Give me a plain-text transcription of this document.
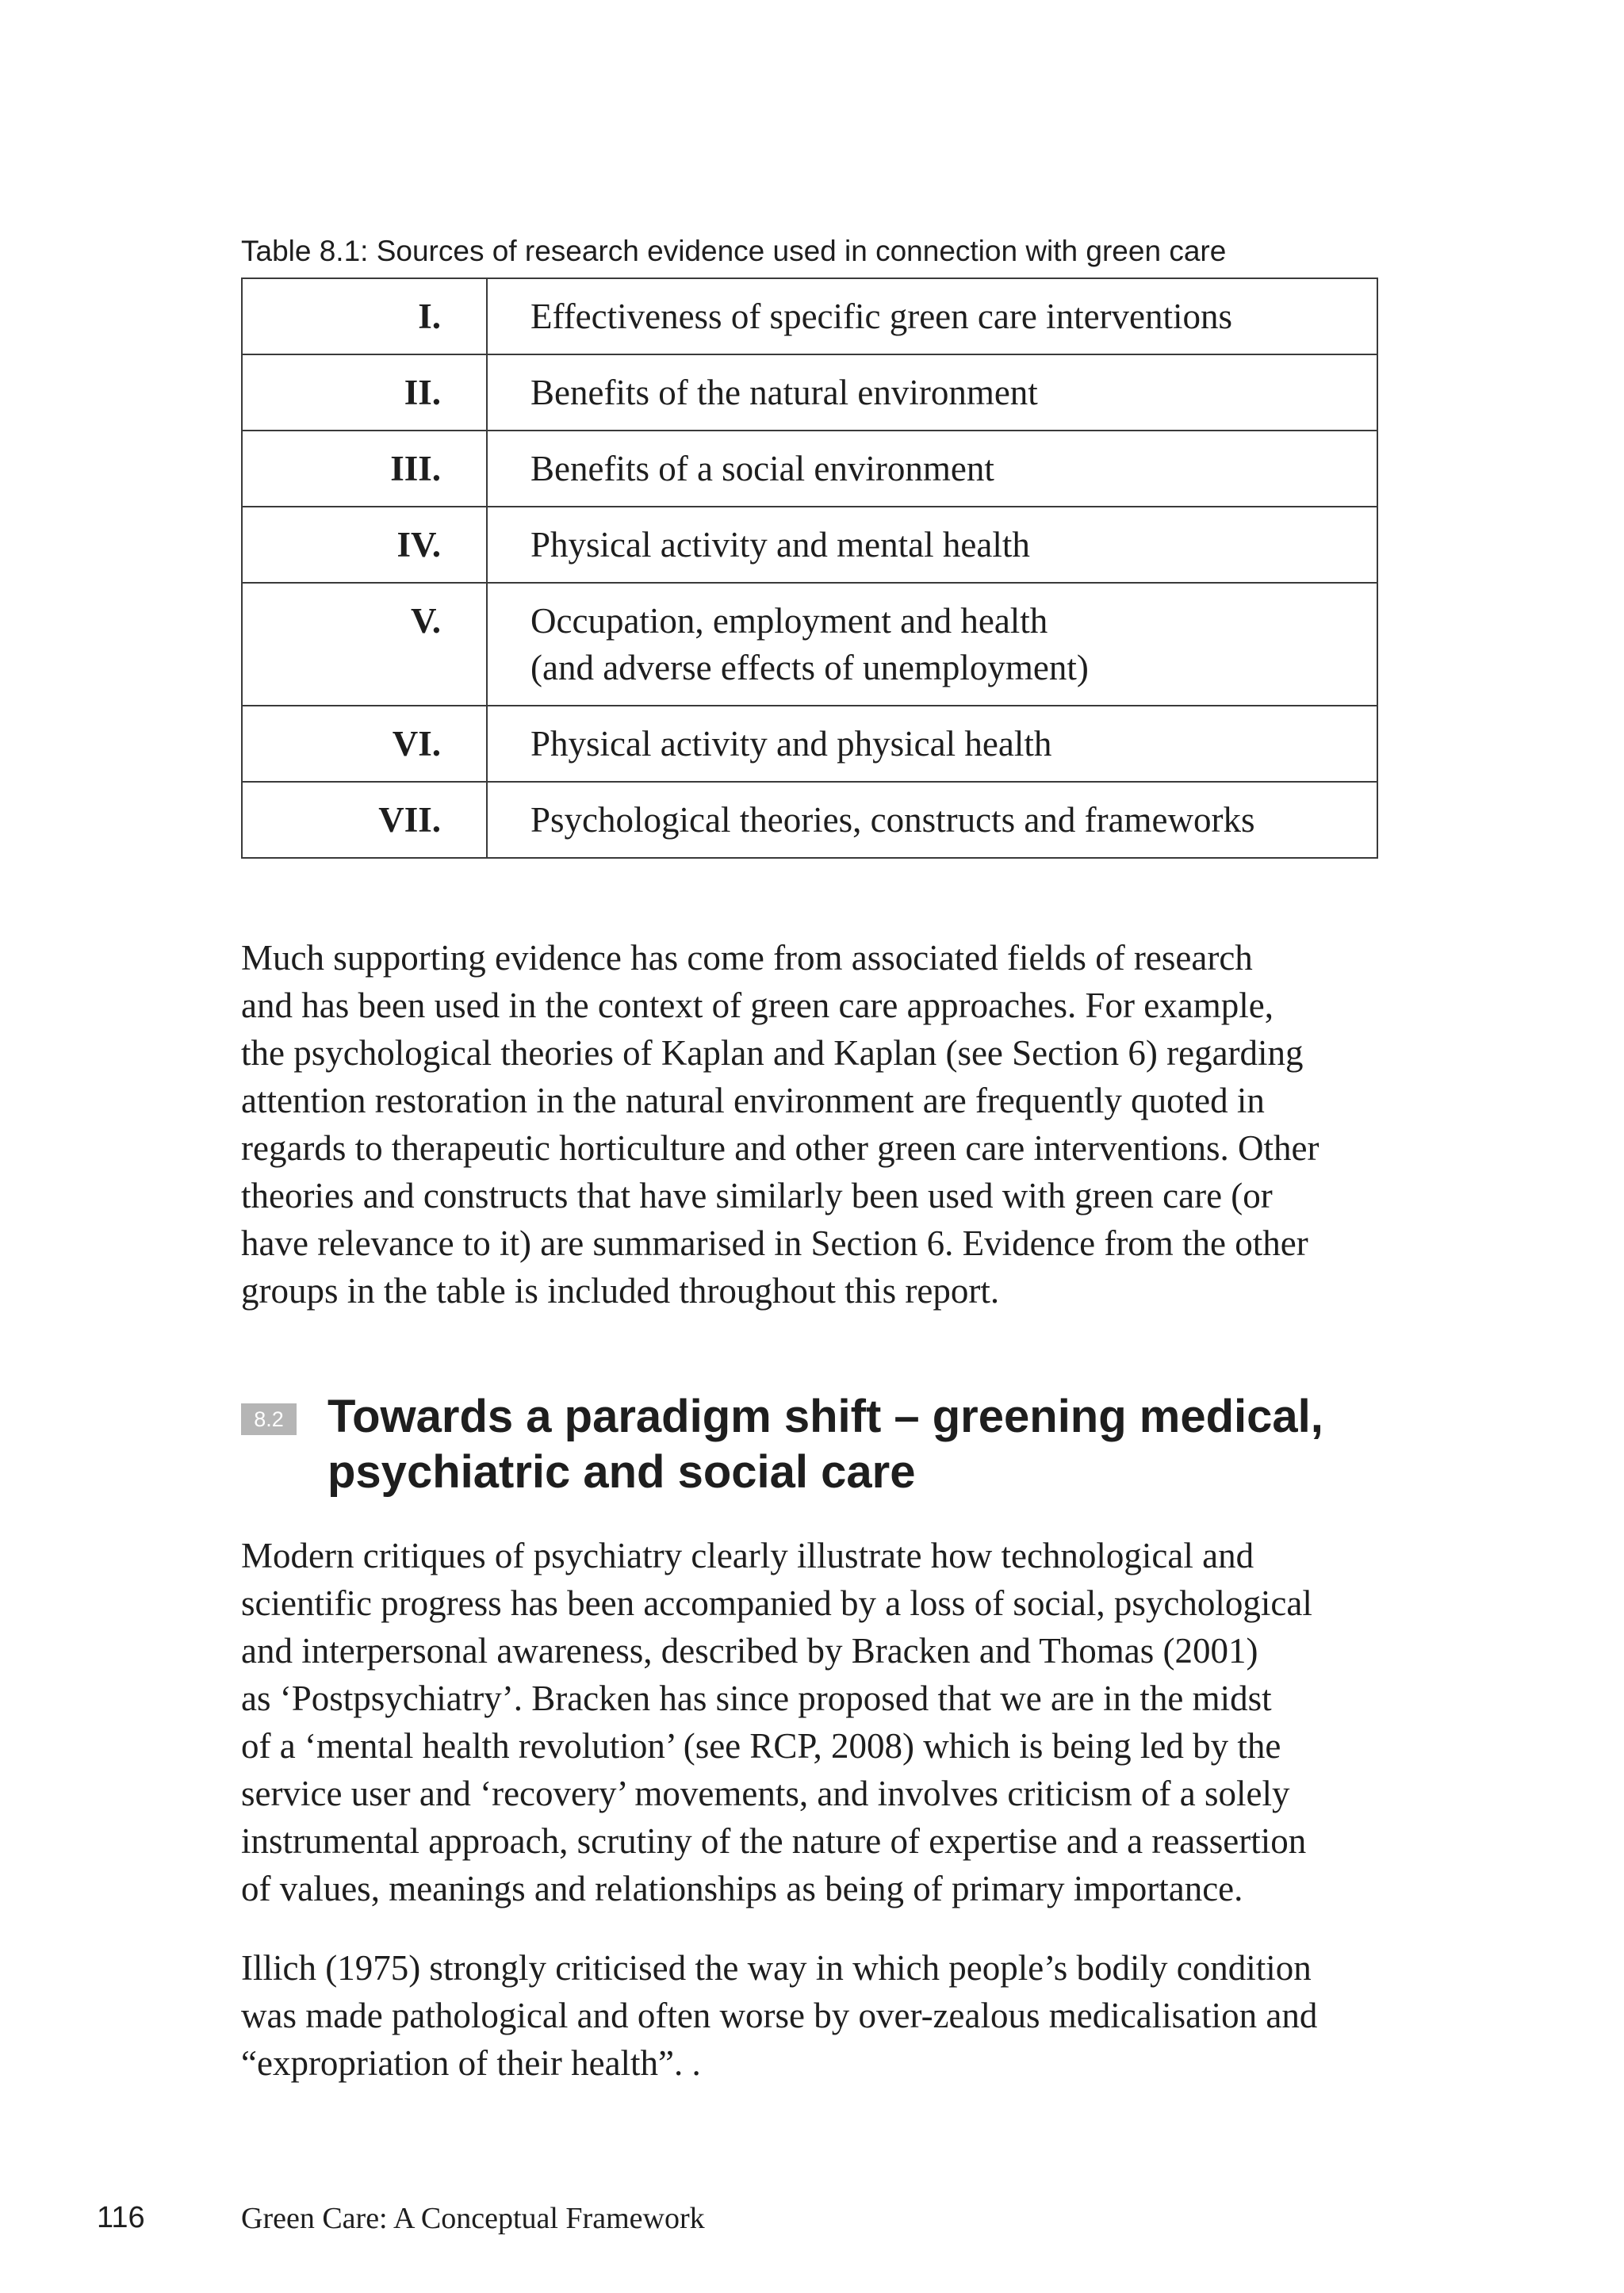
Table 8.1: Sources of research evidence used in connection with green care
I.	Effectiveness of specific green care interventions

II.	Benefits of the natural environment

III.	Benefits of a social environment

IV.	Physical activity and mental health

V.	Occupation, employment and health
(and adverse effects of unemployment)

VI.	Physical activity and physical health

VII.	Psychological theories, constructs and frameworks

Much supporting evidence has come from associated fields of research
and has been used in the context of green care approaches. For example,
the psychological theories of Kaplan and Kaplan (see Section 6) regarding
attention restoration in the natural environment are frequently quoted in
regards to therapeutic horticulture and other green care interventions. Other
theories and constructs that have similarly been used with green care (or
have relevance to it) are summarised in Section 6. Evidence from the other
groups in the table is included throughout this report.

8.2 Towards a paradigm shift – greening medical,
psychiatric and social care

Modern critiques of psychiatry clearly illustrate how technological and
scientific progress has been accompanied by a loss of social, psychological
and interpersonal awareness, described by Bracken and Thomas (2001)
as ‘Postpsychiatry’. Bracken has since proposed that we are in the midst
of a ‘mental health revolution’ (see RCP, 2008) which is being led by the
service user and ‘recovery’ movements, and involves criticism of a solely
instrumental approach, scrutiny of the nature of expertise and a reassertion
of values, meanings and relationships as being of primary importance.

Illich (1975) strongly criticised the way in which people’s bodily condition
was made pathological and often worse by over-zealous medicalisation and
“expropriation of their health”. .

116	Green Care: A Conceptual Framework
